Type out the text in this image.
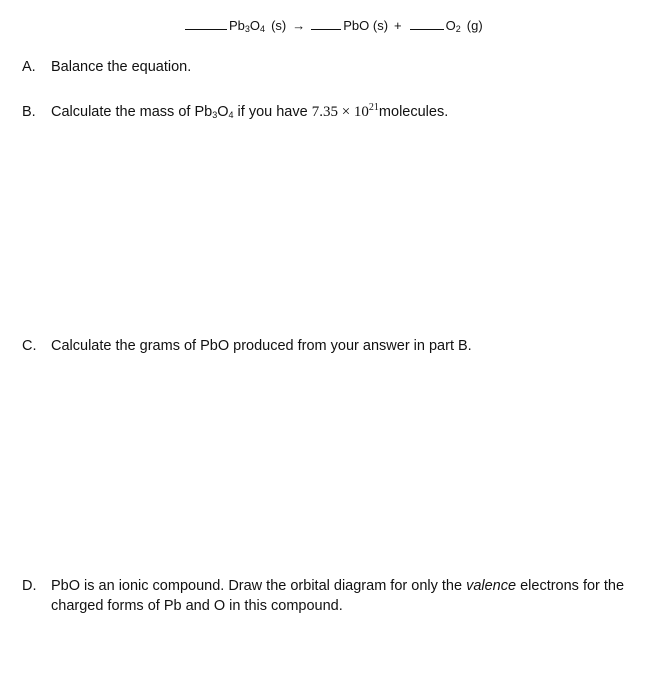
$Pb_3O_4$ (s) →	PbO (s) +	$O_2$ (g)
A. Balance the equation.
B. Calculate the mass of $Pb_3O_4$ if you have $7.35 \times 10^{21}molecules$.
C. Calculate the grams of PbO produced from your answer in part B.
D. PbO is an ionic compound. Draw the orbital diagram for only the valence electrons for the charged forms of Pb and O in this compound.
